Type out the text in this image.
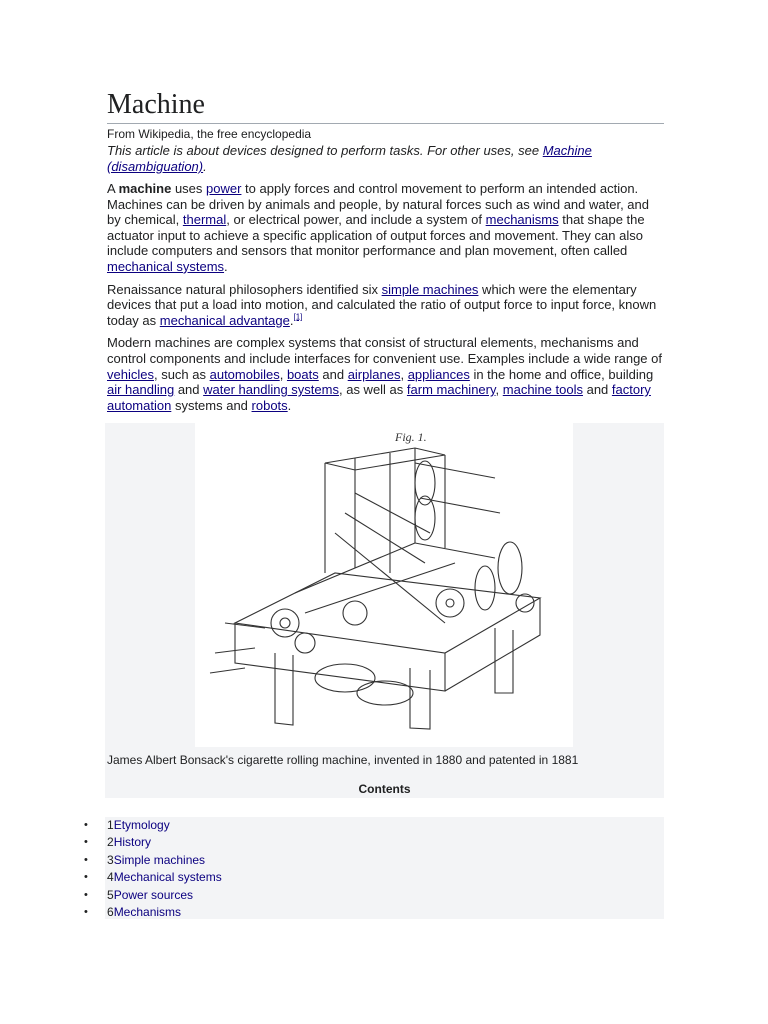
Machine
From Wikipedia, the free encyclopedia
This article is about devices designed to perform tasks. For other uses, see Machine (disambiguation).

A machine uses power to apply forces and control movement to perform an intended action. Machines can be driven by animals and people, by natural forces such as wind and water, and by chemical, thermal, or electrical power, and include a system of mechanisms that shape the actuator input to achieve a specific application of output forces and movement. They can also include computers and sensors that monitor performance and plan movement, often called mechanical systems.

Renaissance natural philosophers identified six simple machines which were the elementary devices that put a load into motion, and calculated the ratio of output force to input force, known today as mechanical advantage.[1]

Modern machines are complex systems that consist of structural elements, mechanisms and control components and include interfaces for convenient use. Examples include a wide range of vehicles, such as automobiles, boats and airplanes, appliances in the home and office, building air handling and water handling systems, as well as farm machinery, machine tools and factory automation systems and robots.

Fig. 1.
James Albert Bonsack's cigarette rolling machine, invented in 1880 and patented in 1881
Contents
• 1Etymology
• 2History
• 3Simple machines
• 4Mechanical systems
• 5Power sources
• 6Mechanisms
